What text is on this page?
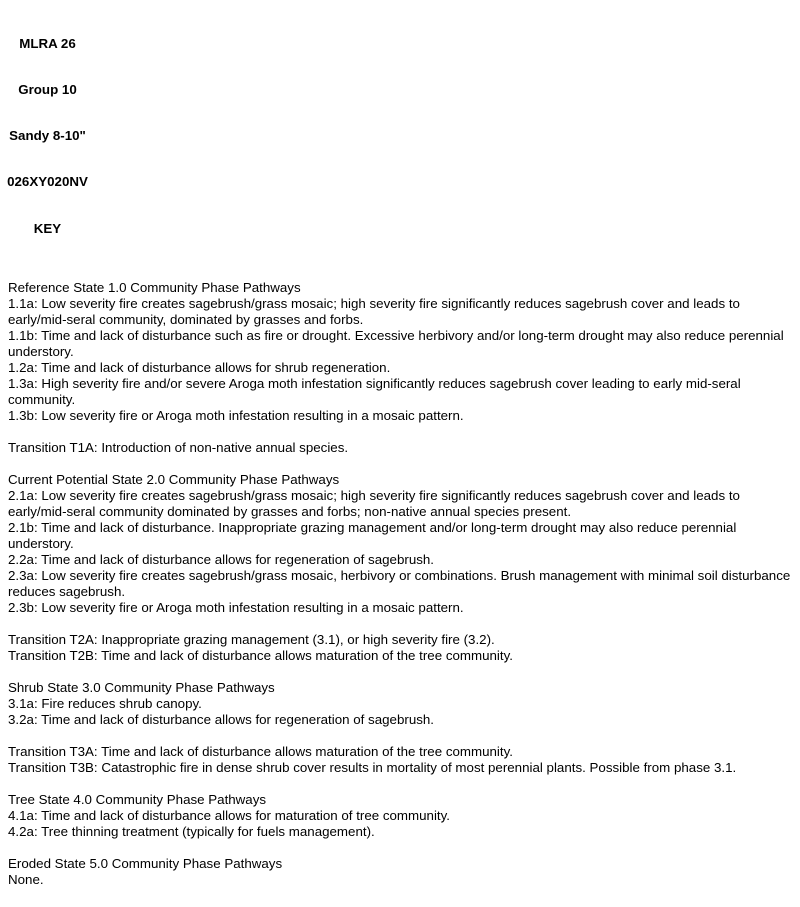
MLRA 26

Group 10

Sandy 8-10"

026XY020NV

KEY

Reference State 1.0 Community Phase Pathways

1.1a: Low severity fire creates sagebrush/grass mosaic; high severity fire significantly reduces sagebrush cover and leads to early/mid-seral community, dominated by grasses and forbs.

1.1b: Time and lack of disturbance such as fire or drought. Excessive herbivory and/or long-term drought may also reduce perennial understory.

1.2a: Time and lack of disturbance allows for shrub regeneration.

1.3a: High severity fire and/or severe Aroga moth infestation significantly reduces sagebrush cover leading to early mid-seral community.

1.3b: Low severity fire or Aroga moth infestation resulting in a mosaic pattern.

Transition T1A: Introduction of non-native annual species.

Current Potential State 2.0 Community Phase Pathways

2.1a: Low severity fire creates sagebrush/grass mosaic; high severity fire significantly reduces sagebrush cover and leads to early/mid-seral community dominated by grasses and forbs; non-native annual species present.

2.1b: Time and lack of disturbance. Inappropriate grazing management and/or long-term drought may also reduce perennial understory.

2.2a: Time and lack of disturbance allows for regeneration of sagebrush.

2.3a: Low severity fire creates sagebrush/grass mosaic, herbivory or combinations. Brush management with minimal soil disturbance reduces sagebrush.

2.3b: Low severity fire or Aroga moth infestation resulting in a mosaic pattern.

Transition T2A: Inappropriate grazing management (3.1), or high severity fire (3.2).

Transition T2B: Time and lack of disturbance allows maturation of the tree community.

Shrub State 3.0 Community Phase Pathways

3.1a: Fire reduces shrub canopy.

3.2a: Time and lack of disturbance allows for regeneration of sagebrush.

Transition T3A: Time and lack of disturbance allows maturation of the tree community.

Transition T3B: Catastrophic fire in dense shrub cover results in mortality of most perennial plants. Possible from phase 3.1.

Tree State 4.0 Community Phase Pathways

4.1a: Time and lack of disturbance allows for maturation of tree community.

4.2a: Tree thinning treatment (typically for fuels management).

Eroded State 5.0 Community Phase Pathways

None.
